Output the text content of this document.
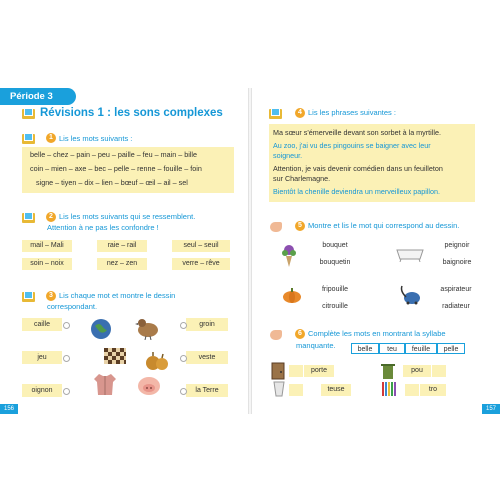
Période 3
Révisions 1 : les sons complexes
1 Lis les mots suivants :
belle – chez – pain – peu – paille – feu – main – bille
coin – mien – axe – bec – pelle – renne – fouille – foin
signe – tiyen – dix – lien – bœuf – œil – ail – sel
2 Lis les mots suivants qui se ressemblent.
Attention à ne pas les confondre !
mail – Mali	raie – rail	seul – seuil
soin – noix	nez – zen	verre – rêve
3 Lis chaque mot et montre le dessin
correspondant.
caille
jeu
oignon
groin
veste
la Terre
156
4 Lis les phrases suivantes :
Ma sœur s'émerveille devant son sorbet à la myrtille.
Au zoo, j'ai vu des pingouins se baigner avec leur
soigneur.
Attention, je vais devenir comédien dans un feuilleton
sur Charlemagne.
Bientôt la chenille deviendra un merveilleux papillon.
5 Montre et lis le mot qui correspond au dessin.
bouquet
bouquetin
peignoir
baignoire
fripouille
citrouille
aspirateur
radiateur
6 Complète les mots en montrant la syllabe
manquante.	belle	teu	feuille	pelle
porte	pou
teuse	tro
157
